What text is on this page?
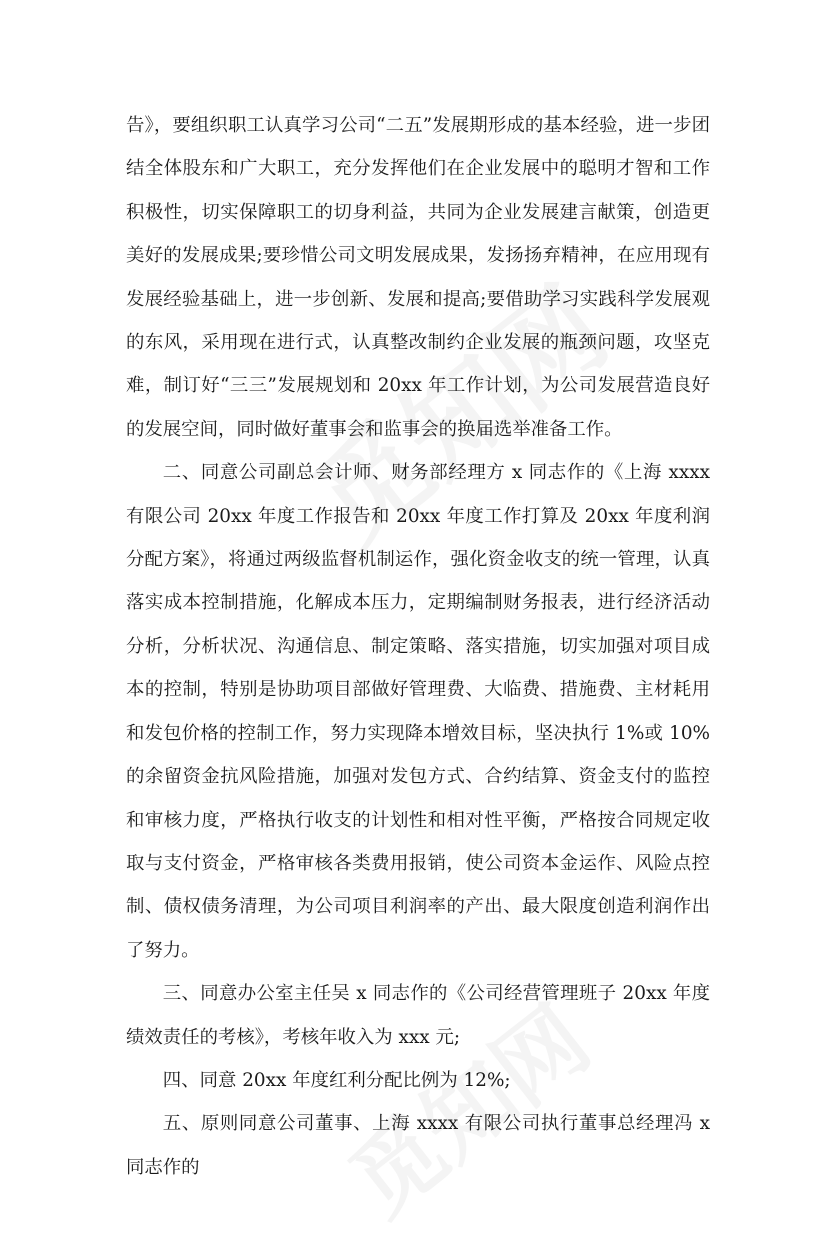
告》，要组织职工认真学习公司“二五”发展期形成的基本经验，进一步团结全体股东和广大职工，充分发挥他们在企业发展中的聪明才智和工作积极性，切实保障职工的切身利益，共同为企业发展建言献策，创造更美好的发展成果;要珍惜公司文明发展成果，发扬扬弃精神，在应用现有发展经验基础上，进一步创新、发展和提高;要借助学习实践科学发展观的东风，采用现在进行式，认真整改制约企业发展的瓶颈问题，攻坚克难，制订好“三三”发展规划和 20xx 年工作计划，为公司发展营造良好的发展空间，同时做好董事会和监事会的换届选举准备工作。

二、同意公司副总会计师、财务部经理方 x 同志作的《上海 xxxx 有限公司 20xx 年度工作报告和 20xx 年度工作打算及 20xx 年度利润分配方案》，将通过两级监督机制运作，强化资金收支的统一管理，认真落实成本控制措施，化解成本压力，定期编制财务报表，进行经济活动分析，分析状况、沟通信息、制定策略、落实措施，切实加强对项目成本的控制，特别是协助项目部做好管理费、大临费、措施费、主材耗用和发包价格的控制工作，努力实现降本增效目标，坚决执行 1%或 10%的余留资金抗风险措施，加强对发包方式、合约结算、资金支付的监控和审核力度，严格执行收支的计划性和相对性平衡，严格按合同规定收取与支付资金，严格审核各类费用报销，使公司资本金运作、风险点控制、债权债务清理，为公司项目利润率的产出、最大限度创造利润作出了努力。

三、同意办公室主任吴 x 同志作的《公司经营管理班子 20xx 年度绩效责任的考核》，考核年收入为 xxx 元;

四、同意 20xx 年度红利分配比例为 12%;

五、原则同意公司董事、上海 xxxx 有限公司执行董事总经理冯 x 同志作的
